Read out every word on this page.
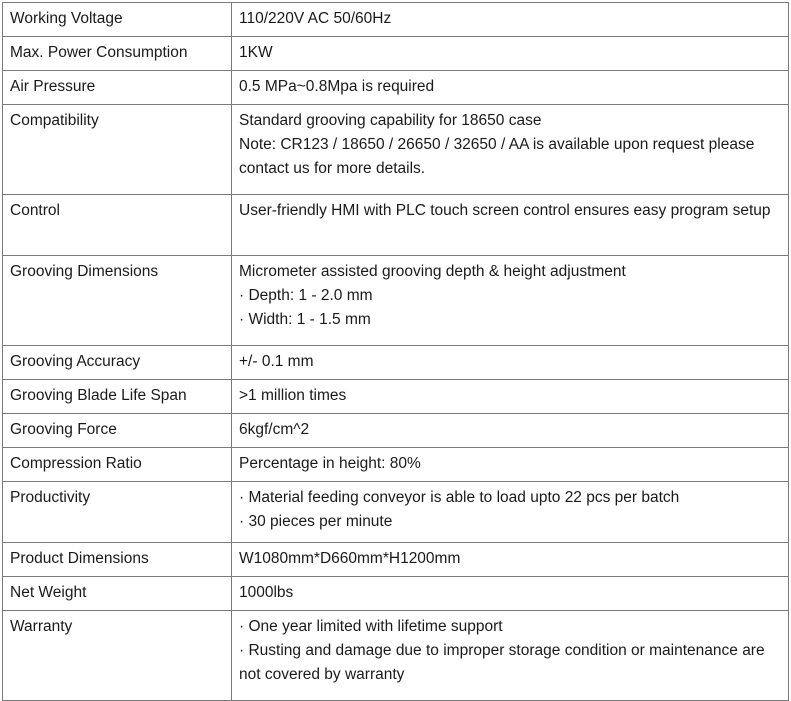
Working Voltage	110/220V AC 50/60Hz

Max. Power Consumption	1KW

Air Pressure	0.5 MPa~0.8Mpa is required

Compatibility	Standard grooving capability for 18650 case
Note: CR123 / 18650 / 26650 / 32650 / AA is available upon request please contact us for more details.

Control	User-friendly HMI with PLC touch screen control ensures easy program setup

Grooving Dimensions	Micrometer assisted grooving depth & height adjustment
· Depth: 1 - 2.0 mm
· Width: 1 - 1.5 mm

Grooving Accuracy	+/- 0.1 mm

Grooving Blade Life Span	>1 million times

Grooving Force	6kgf/cm^2

Compression Ratio	Percentage in height: 80%

Productivity	· Material feeding conveyor is able to load upto 22 pcs per batch
· 30 pieces per minute

Product Dimensions	W1080mm*D660mm*H1200mm

Net Weight	1000lbs

Warranty	· One year limited with lifetime support
· Rusting and damage due to improper storage condition or maintenance are not covered by warranty
